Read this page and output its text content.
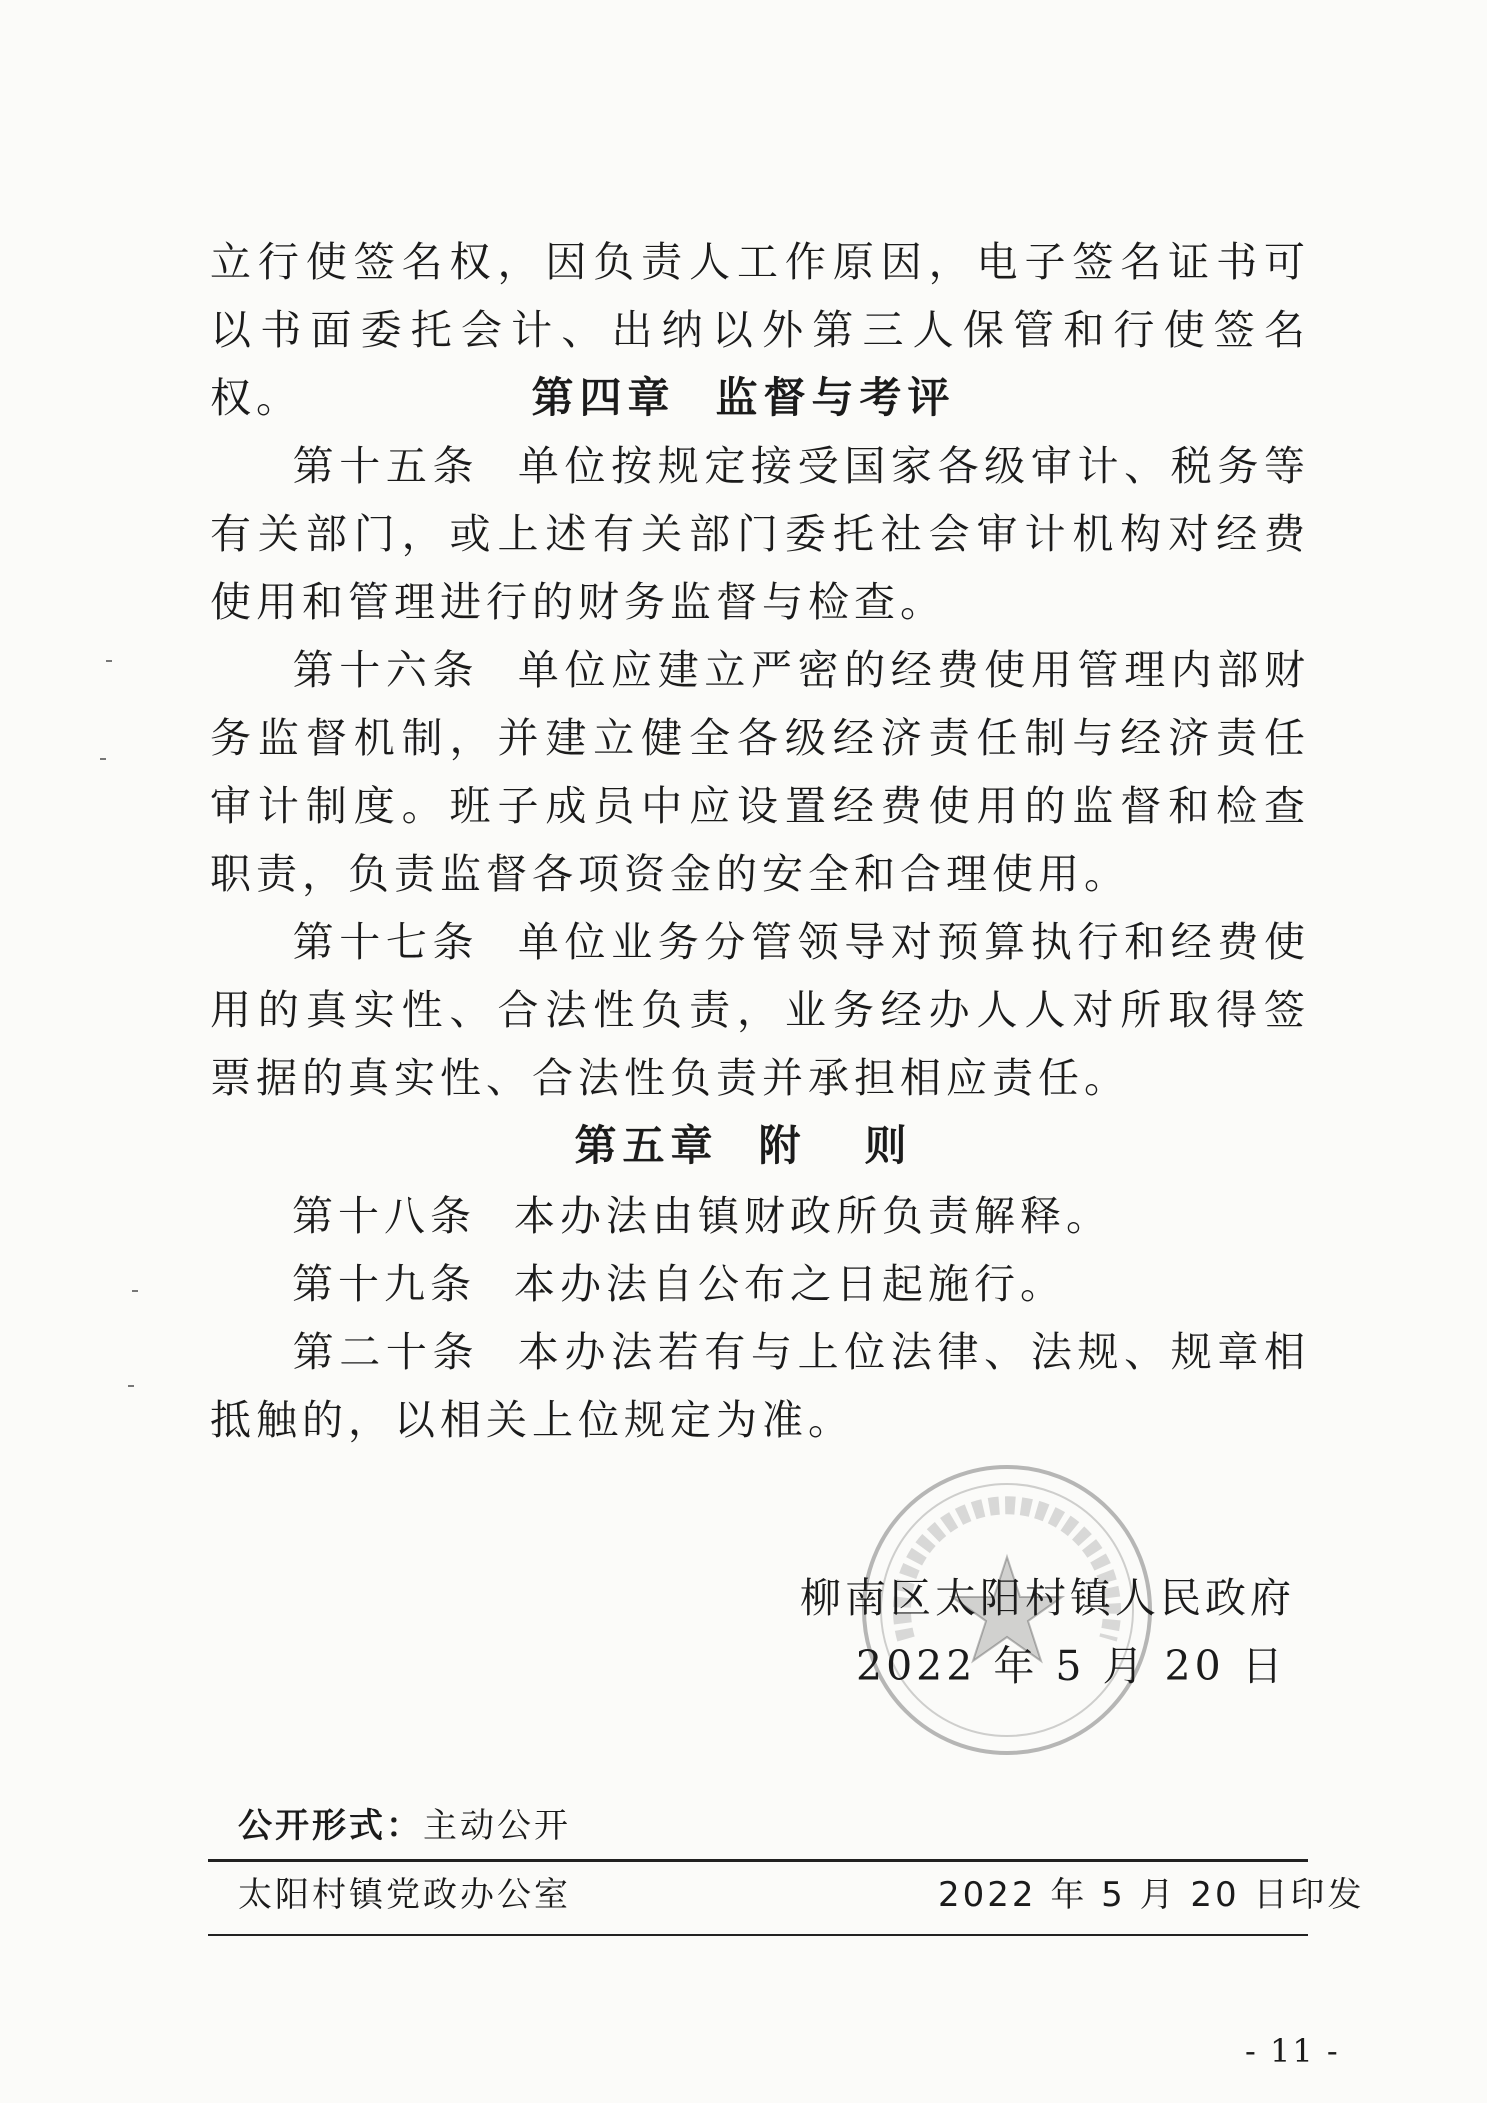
立行使签名权，因负责人工作原因，电子签名证书可以书面委托会计、出纳以外第三人保管和行使签名权。	第四章 监督与考评

第十五条 单位按规定接受国家各级审计、税务等有关部门，或上述有关部门委托社会审计机构对经费使用和管理进行的财务监督与检查。

第十六条 单位应建立严密的经费使用管理内部财务监督机制，并建立健全各级经济责任制与经济责任审计制度。班子成员中应设置经费使用的监督和检查职责，负责监督各项资金的安全和合理使用。

第十七条 单位业务分管领导对预算执行和经费使用的真实性、合法性负责，业务经办人人对所取得签票据的真实性、合法性负责并承担相应责任。

第五章 附 则

第十八条 本办法由镇财政所负责解释。

第十九条 本办法自公布之日起施行。

第二十条 本办法若有与上位法律、法规、规章相抵触的，以相关上位规定为准。

柳南区太阳村镇人民政府
2022 年 5 月 20 日
公开形式：主动公开
太阳村镇党政办公室	2022 年 5 月 20 日印发
- 11 -
